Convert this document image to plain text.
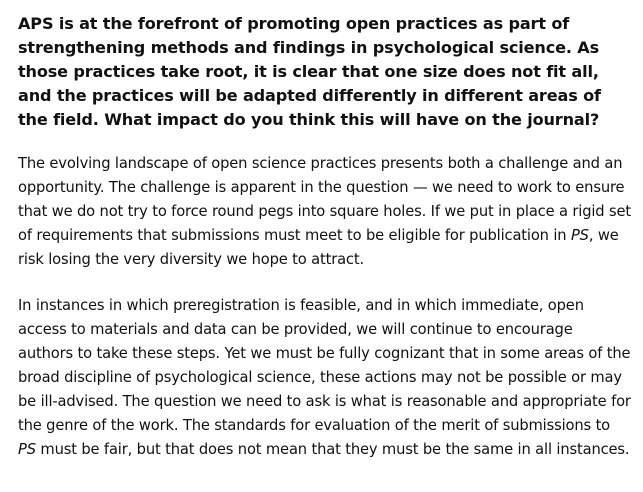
APS is at the forefront of promoting open practices as part of strengthening methods and findings in psychological science. As those practices take root, it is clear that one size does not fit all, and the practices will be adapted differently in different areas of the field. What impact do you think this will have on the journal?

The evolving landscape of open science practices presents both a challenge and an opportunity. The challenge is apparent in the question — we need to work to ensure that we do not try to force round pegs into square holes. If we put in place a rigid set of requirements that submissions must meet to be eligible for publication in PS, we risk losing the very diversity we hope to attract.

In instances in which preregistration is feasible, and in which immediate, open access to materials and data can be provided, we will continue to encourage authors to take these steps. Yet we must be fully cognizant that in some areas of the broad discipline of psychological science, these actions may not be possible or may be ill-advised. The question we need to ask is what is reasonable and appropriate for the genre of the work. The standards for evaluation of the merit of submissions to PS must be fair, but that does not mean that they must be the same in all instances.
